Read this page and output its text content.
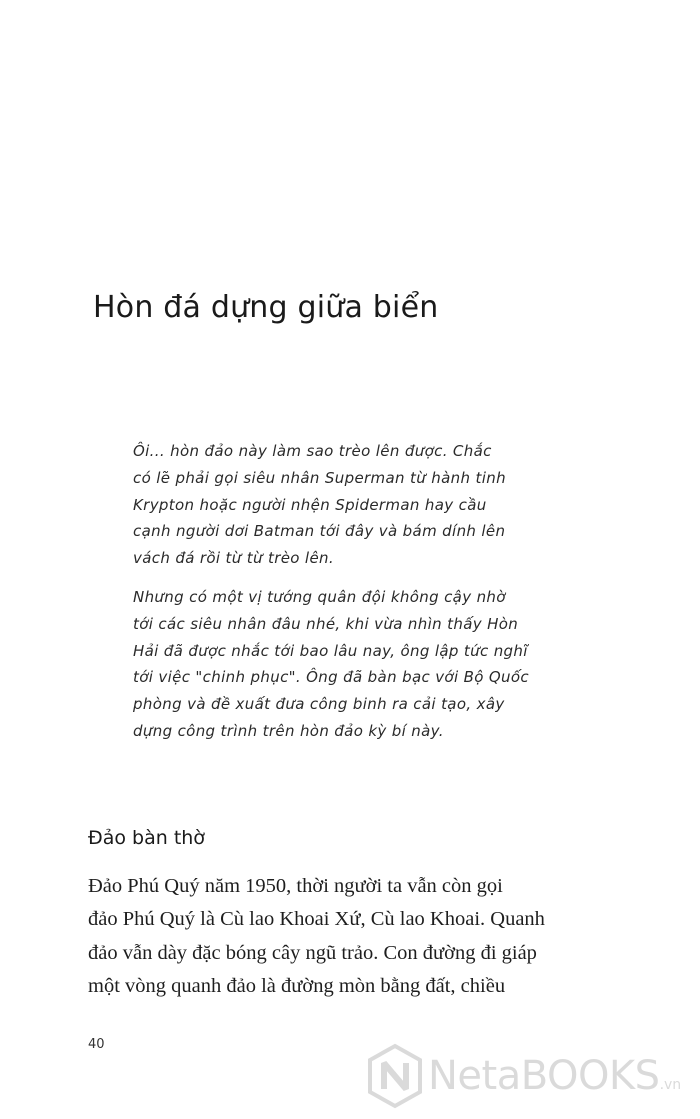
Hòn đá dựng giữa biển

Ôi... hòn đảo này làm sao trèo lên được. Chắc
có lẽ phải gọi siêu nhân Superman từ hành tinh
Krypton hoặc người nhện Spiderman hay cầu
cạnh người dơi Batman tới đây và bám dính lên
vách đá rồi từ từ trèo lên.

Nhưng có một vị tướng quân đội không cậy nhờ
tới các siêu nhân đâu nhé, khi vừa nhìn thấy Hòn
Hải đã được nhắc tới bao lâu nay, ông lập tức nghĩ
tới việc "chinh phục". Ông đã bàn bạc với Bộ Quốc
phòng và đề xuất đưa công binh ra cải tạo, xây
dựng công trình trên hòn đảo kỳ bí này.

Đảo bàn thờ
Đảo Phú Quý năm 1950, thời người ta vẫn còn gọi
đảo Phú Quý là Cù lao Khoai Xứ, Cù lao Khoai. Quanh
đảo vẫn dày đặc bóng cây ngũ trảo. Con đường đi giáp
một vòng quanh đảo là đường mòn bằng đất, chiều
40
NetaBOOKS.vn
